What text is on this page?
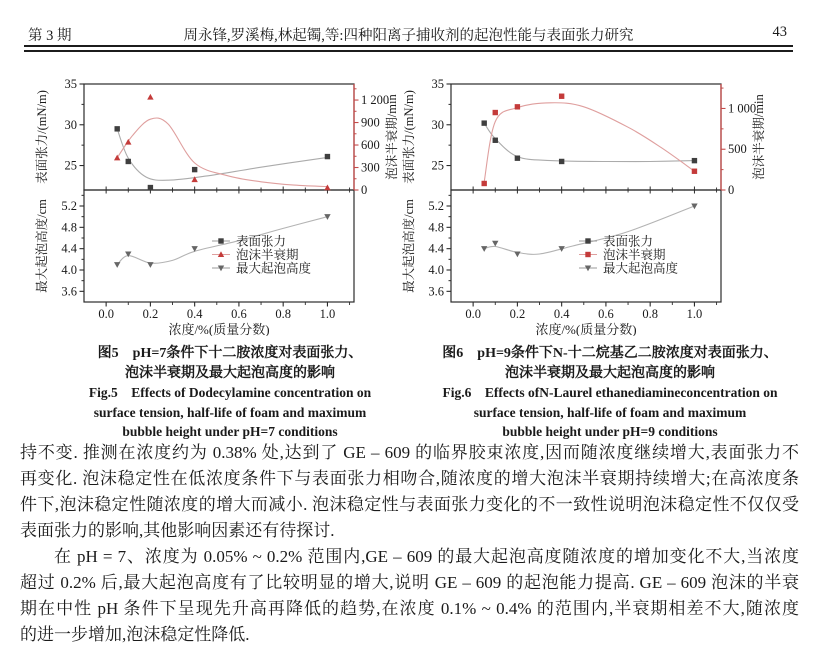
第 3 期	周永锋,罗溪梅,林起镯,等:四种阳离子捕收剂的起泡性能与表面张力研究	43
25
30
35
表面张力/(mN/m)
0
300
600
900
1 200
泡沫半衰期/min
3.6
4.0
4.4
4.8
5.2
最大起泡高度/cm
0.0 0.2 0.4 0.6 0.8 1.0
浓度/%(质量分数)
表面张力
泡沫半衰期
最大起泡高度
25
30
35
表面张力/(mN/m)
0
500
1 000
泡沫半衰期/min
3.6
4.0
4.4
4.8
5.2
最大起泡高度/cm
0.0 0.2 0.4 0.6 0.8 1.0
浓度/%(质量分数)
表面张力
泡沫半衰期
最大起泡高度
图5　pH=7条件下十二胺浓度对表面张力、
泡沫半衰期及最大起泡高度的影响
Fig.5　Effects of Dodecylamine concentration on
surface tension, half-life of foam and maximum
bubble height under pH=7 conditions
图6　pH=9条件下N-十二烷基乙二胺浓度对表面张力、
泡沫半衰期及最大起泡高度的影响
Fig.6　Effects ofN-Laurel ethanediamineconcentration on
surface tension, half-life of foam and maximum
bubble height under pH=9 conditions
持不变. 推测在浓度约为 0.38% 处,达到了 GE – 609 的临界胶束浓度,因而随浓度继续增大,表面张力不
再变化. 泡沫稳定性在低浓度条件下与表面张力相吻合,随浓度的增大泡沫半衰期持续增大;在高浓度条
件下,泡沫稳定性随浓度的增大而减小. 泡沫稳定性与表面张力变化的不一致性说明泡沫稳定性不仅仅受
表面张力的影响,其他影响因素还有待探讨.
在 pH = 7、浓度为 0.05% ~ 0.2% 范围内,GE – 609 的最大起泡高度随浓度的增加变化不大,当浓度
超过 0.2% 后,最大起泡高度有了比较明显的增大,说明 GE – 609 的起泡能力提高. GE – 609 泡沫的半衰
期在中性 pH 条件下呈现先升高再降低的趋势,在浓度 0.1% ~ 0.4% 的范围内,半衰期相差不大,随浓度
的进一步增加,泡沫稳定性降低.
